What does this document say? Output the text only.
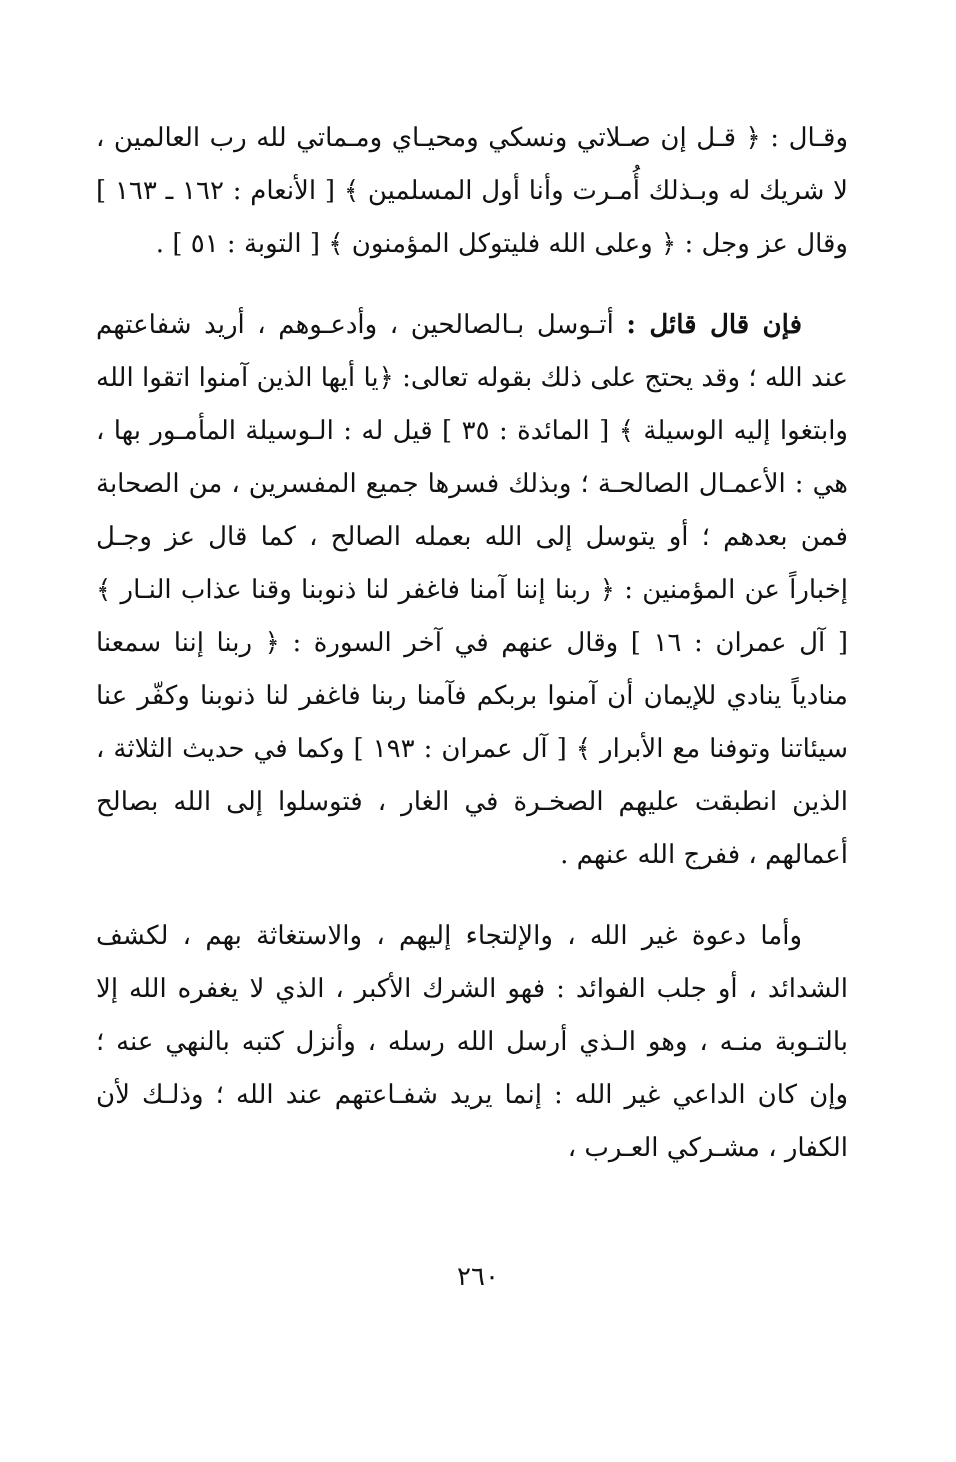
وقـال : ﴿ قـل إن صـلاتي ونسكي ومحيـاي ومـماتي لله رب العالمين ، لا شريك له وبـذلك أُمـرت وأنا أول المسلمين ﴾ [ الأنعام : ١٦٢ ـ ١٦٣ ] وقال عز وجل : ﴿ وعلى الله فليتوكل المؤمنون ﴾ [ التوبة : ٥١ ] .

فإن قال قائل : أتـوسل بـالصالحين ، وأدعـوهم ، أريد شفاعتهم عند الله ؛ وقد يحتج على ذلك بقوله تعالى: ﴿يا أيها الذين آمنوا اتقوا الله وابتغوا إليه الوسيلة ﴾ [ المائدة : ٣٥ ] قيل له : الـوسيلة المأمـور بها ، هي : الأعمـال الصالحـة ؛ وبذلك فسرها جميع المفسرين ، من الصحابة فمن بعدهم ؛ أو يتوسل إلى الله بعمله الصالح ، كما قال عز وجـل إخباراً عن المؤمنين : ﴿ ربنا إننا آمنا فاغفر لنا ذنوبنا وقنا عذاب النـار ﴾ [ آل عمران : ١٦ ] وقال عنهم في آخر السورة : ﴿ ربنا إننا سمعنا منادياً ينادي للإيمان أن آمنوا بربكم فآمنا ربنا فاغفر لنا ذنوبنا وكفّر عنا سيئاتنا وتوفنا مع الأبرار ﴾ [ آل عمران : ١٩٣ ] وكما في حديث الثلاثة ، الذين انطبقت عليهم الصخـرة في الغار ، فتوسلوا إلى الله بصالح أعمالهم ، ففرج الله عنهم .

وأما دعوة غير الله ، والإلتجاء إليهم ، والاستغاثة بهم ، لكشف الشدائد ، أو جلب الفوائد : فهو الشرك الأكبر ، الذي لا يغفره الله إلا بالتـوبة منـه ، وهو الـذي أرسل الله رسله ، وأنزل كتبه بالنهي عنه ؛ وإن كان الداعي غير الله : إنما يريد شفـاعتهم عند الله ؛ وذلـك لأن الكفار ، مشـركي العـرب ،

٢٦٠
